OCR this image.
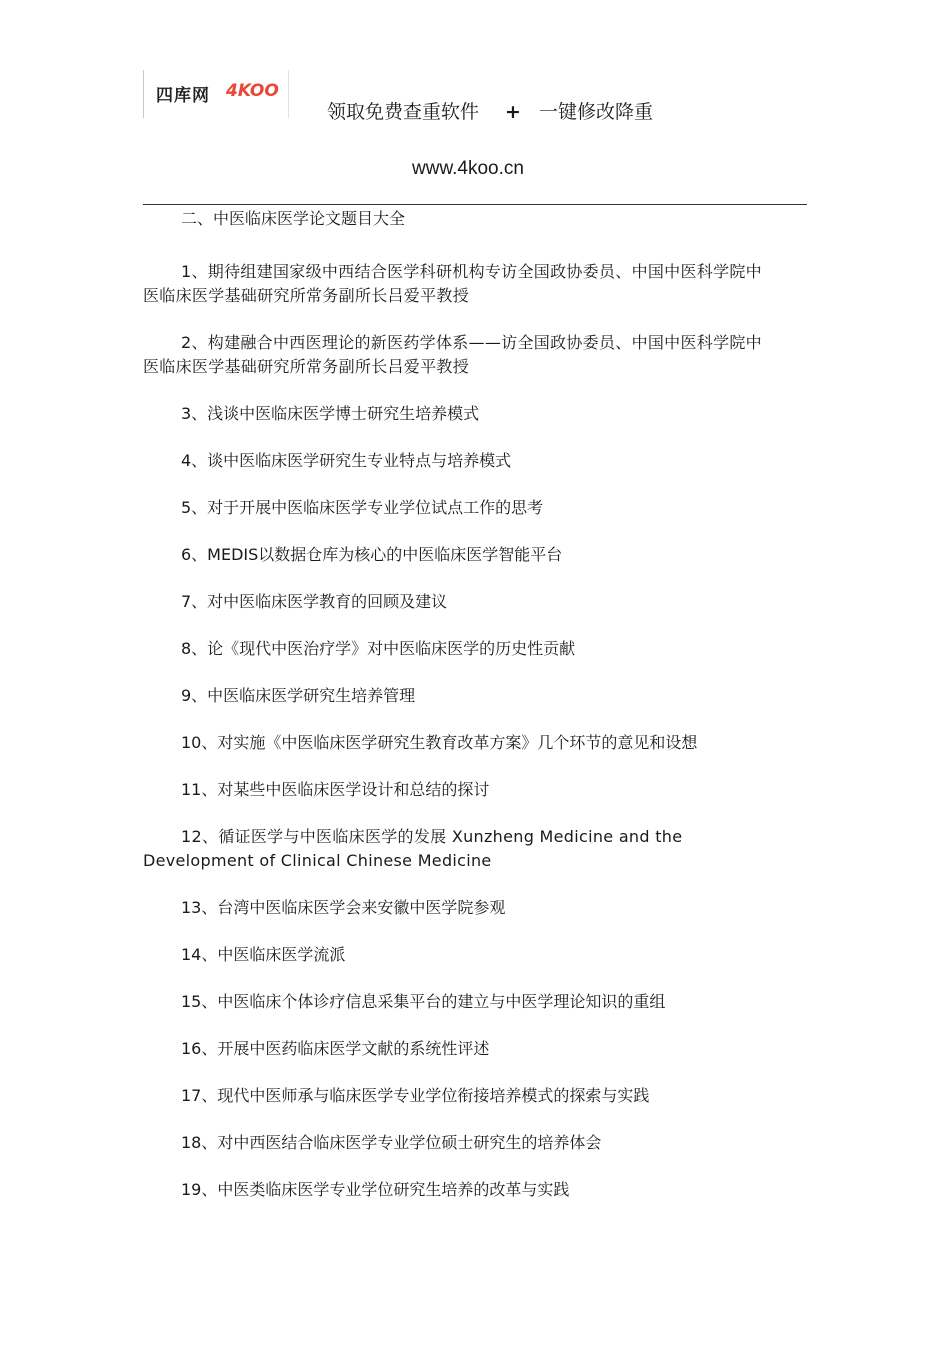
四库网 4KOO
领取免费查重软件 + 一键修改降重
www.4koo.cn

二、中医临床医学论文题目大全

1、期待组建国家级中西结合医学科研机构专访全国政协委员、中国中医科学院中医临床医学基础研究所常务副所长吕爱平教授

2、构建融合中西医理论的新医药学体系——访全国政协委员、中国中医科学院中医临床医学基础研究所常务副所长吕爱平教授

3、浅谈中医临床医学博士研究生培养模式

4、谈中医临床医学研究生专业特点与培养模式

5、对于开展中医临床医学专业学位试点工作的思考

6、MEDIS以数据仓库为核心的中医临床医学智能平台

7、对中医临床医学教育的回顾及建议

8、论《现代中医治疗学》对中医临床医学的历史性贡献

9、中医临床医学研究生培养管理

10、对实施《中医临床医学研究生教育改革方案》几个环节的意见和设想

11、对某些中医临床医学设计和总结的探讨

12、循证医学与中医临床医学的发展 Xunzheng Medicine and the Development of Clinical Chinese Medicine

13、台湾中医临床医学会来安徽中医学院参观

14、中医临床医学流派

15、中医临床个体诊疗信息采集平台的建立与中医学理论知识的重组

16、开展中医药临床医学文献的系统性评述

17、现代中医师承与临床医学专业学位衔接培养模式的探索与实践

18、对中西医结合临床医学专业学位硕士研究生的培养体会

19、中医类临床医学专业学位研究生培养的改革与实践
